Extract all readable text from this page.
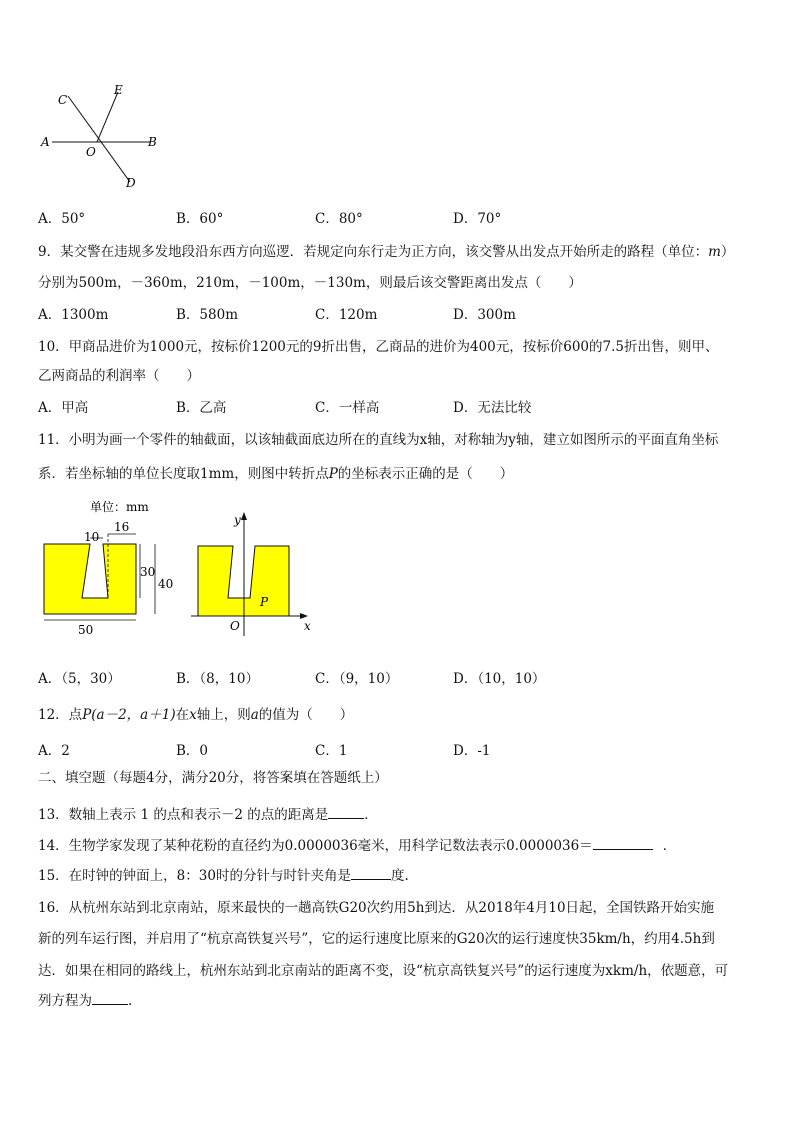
C
E
A
O
B
D
A．50°	B．60°	C．80°	D．70°
9．某交警在违规多发地段沿东西方向巡逻．若规定向东行走为正方向，该交警从出发点开始所走的路程（单位：m）
分别为500m，－360m，210m，－100m，－130m，则最后该交警距离出发点（　　）
A．1300m	B．580m	C．120m	D．300m
10．甲商品进价为1000元，按标价1200元的9折出售，乙商品的进价为400元，按标价600的7.5折出售，则甲、
乙两商品的利润率（　　）
A．甲高	B．乙高	C．一样高	D．无法比较
11．小明为画一个零件的轴截面，以该轴截面底边所在的直线为x轴，对称轴为y轴，建立如图所示的平面直角坐标
系．若坐标轴的单位长度取1mm，则图中转折点P的坐标表示正确的是（　　）
单位：mm
10
16
30
40
50
y
x
O
P
A．（5，30）	B．（8，10）	C．（9，10）	D．（10，10）
12．点P(a－2，a＋1)在x轴上，则a的值为（　　）
A．2	B．0	C．1	D．-1
二、填空题（每题4分，满分20分，将答案填在答题纸上）
13．数轴上表示 1 的点和表示－2 的点的距离是	．
14．生物学家发现了某种花粉的直径约为0.0000036毫米，用科学记数法表示0.0000036＝	．
15．在时钟的钟面上，8：30时的分针与时针夹角是	度.
16．从杭州东站到北京南站，原来最快的一趟高铁G20次约用5h到达．从2018年4月10日起，全国铁路开始实施
新的列车运行图，并启用了“杭京高铁复兴号”，它的运行速度比原来的G20次的运行速度快35km/h，约用4.5h到
达．如果在相同的路线上，杭州东站到北京南站的距离不变，设“杭京高铁复兴号”的运行速度为xkm/h，依题意，可
列方程为	．
